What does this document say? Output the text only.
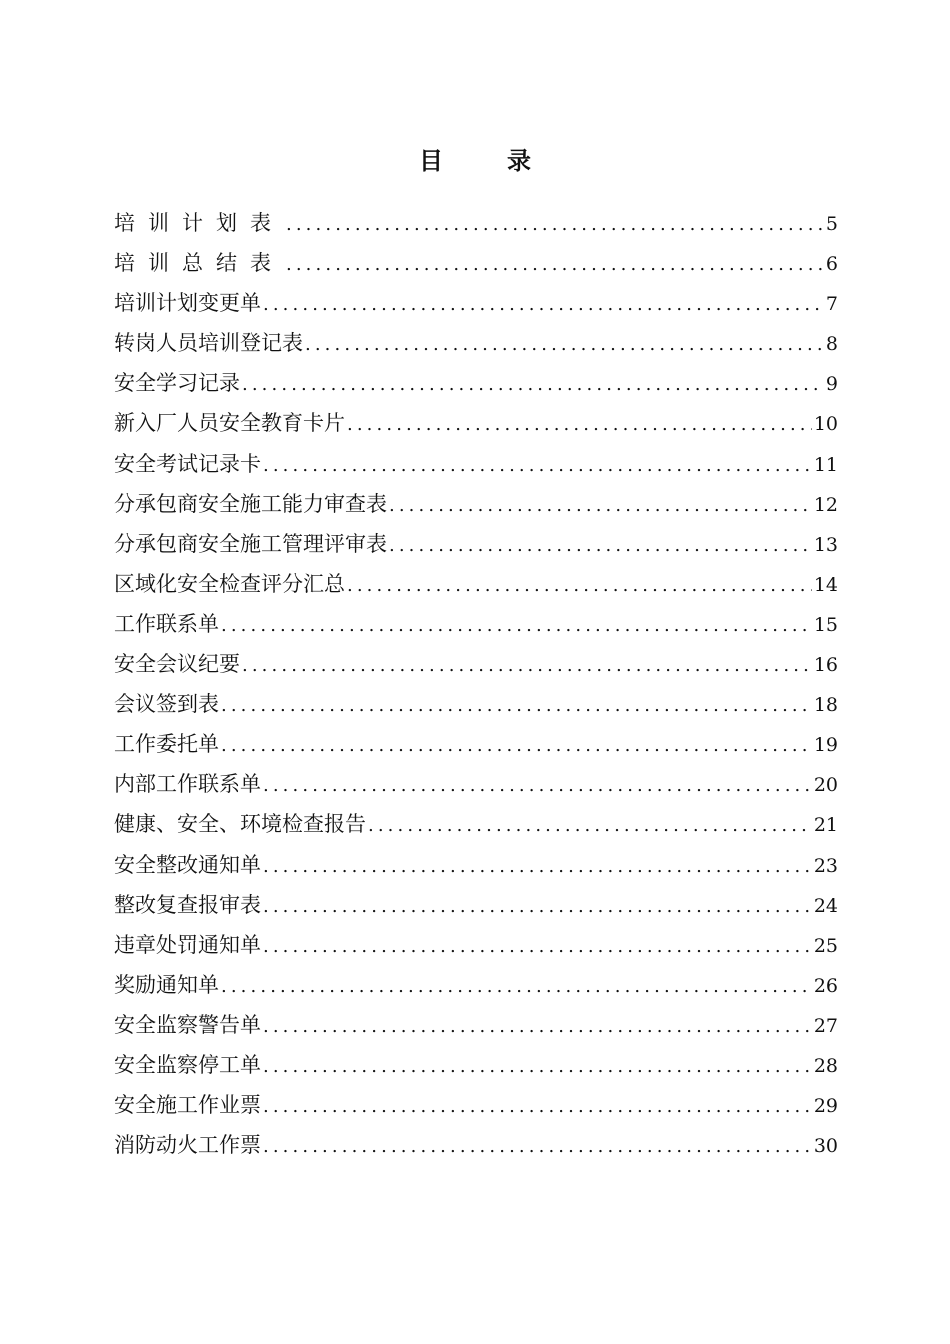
目　录
培训计划表 . . .	5
培训总结表 . . .	6
培训计划变更单 . . .	7
转岗人员培训登记表 . . .	8
安全学习记录 . . .	9
新入厂人员安全教育卡片 . . .	10
安全考试记录卡 . . .	11
分承包商安全施工能力审查表 . . .	12
分承包商安全施工管理评审表 . . .	13
区域化安全检查评分汇总 . . .	14
工作联系单 . . .	15
安全会议纪要 . . .	16
会议签到表 . . .	18
工作委托单 . . .	19
内部工作联系单 . . .	20
健康、安全、环境检查报告 . . .	21
安全整改通知单 . . .	23
整改复查报审表 . . .	24
违章处罚通知单 . . .	25
奖励通知单 . . .	26
安全监察警告单 . . .	27
安全监察停工单 . . .	28
安全施工作业票 . . .	29
消防动火工作票 . . .	30
